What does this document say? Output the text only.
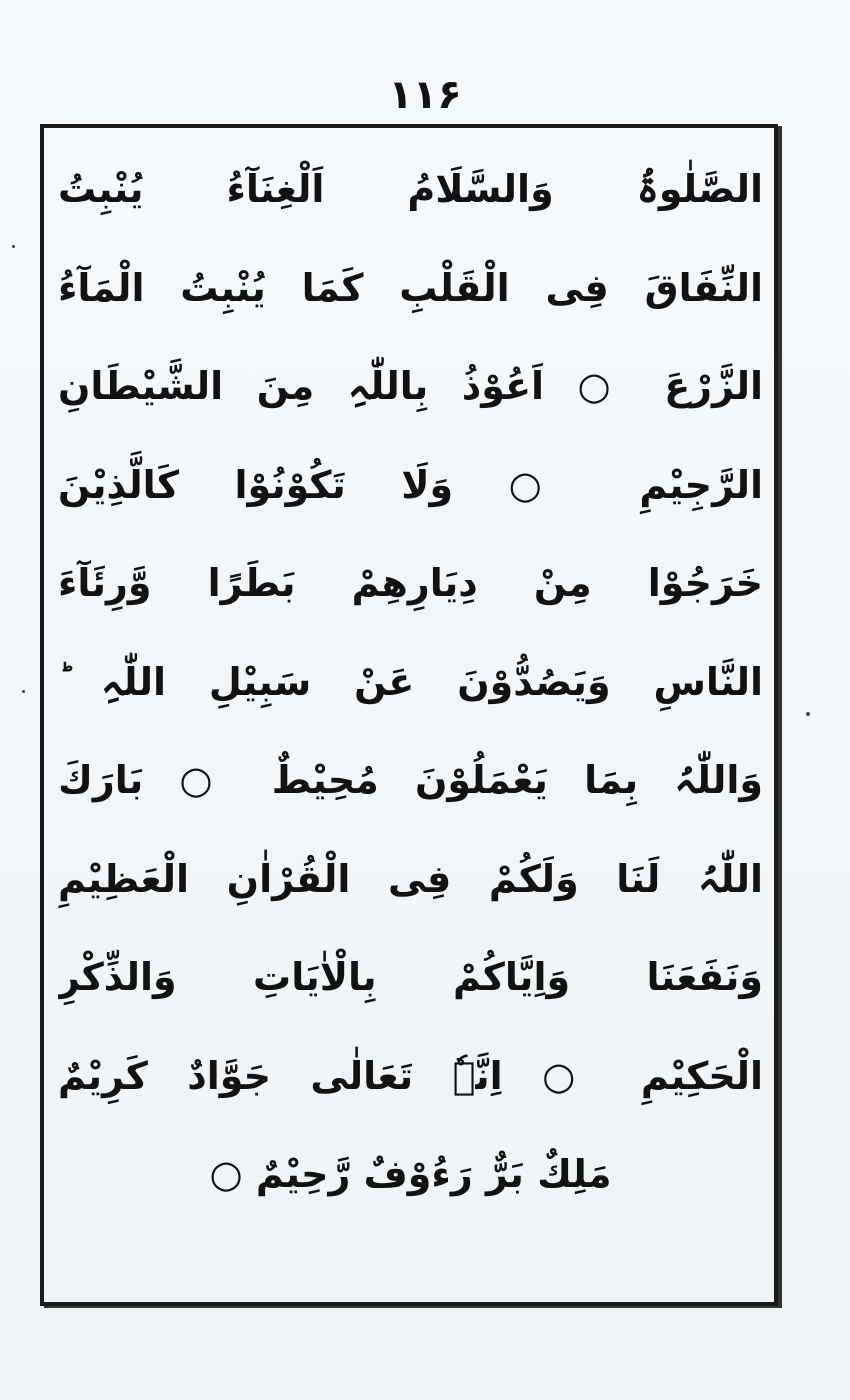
۱۱۶
الصَّلٰوۃُ وَالسَّلَامُ اَلْغِنَآءُ یُنْبِتُ
النِّفَاقَ فِی الْقَلْبِ کَمَا یُنْبِتُ الْمَآءُ
الزَّرْعَ ○ اَعُوْذُ بِاللّٰہِ مِنَ الشَّیْطَانِ
الرَّجِیْمِ ○ وَلَا تَکُوْنُوْا کَالَّذِیْنَ
خَرَجُوْا مِنْ دِیَارِھِمْ بَطَرًا وَّرِئَآءَ
النَّاسِ وَیَصُدُّوْنَ عَنْ سَبِیْلِ اللّٰہِ ؕ
وَاللّٰہُ بِمَا یَعْمَلُوْنَ مُحِیْطٌ ○ بَارَكَ
اللّٰہُ لَنَا وَلَکُمْ فِی الْقُرْاٰنِ الْعَظِیْمِ
وَنَفَعَنَا وَاِیَّاکُمْ بِالْاٰیَاتِ وَالذِّکْرِ
الْحَکِیْمِ ○ اِنَّہٗ تَعَالٰی جَوَّادٌ کَرِیْمٌ
مَلِكٌ بَرٌّ رَءُوْفٌ رَّحِیْمٌ ○
